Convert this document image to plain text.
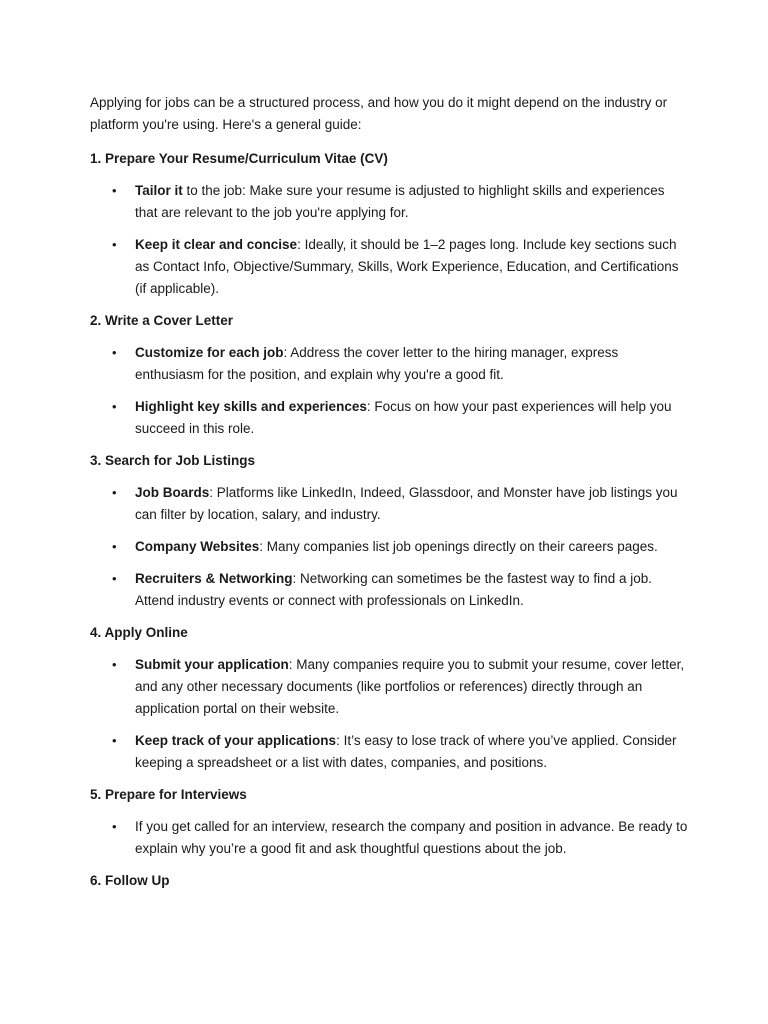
Applying for jobs can be a structured process, and how you do it might depend on the industry or platform you're using. Here's a general guide:

1. Prepare Your Resume/Curriculum Vitae (CV)
• Tailor it to the job: Make sure your resume is adjusted to highlight skills and experiences that are relevant to the job you're applying for.
• Keep it clear and concise: Ideally, it should be 1–2 pages long. Include key sections such as Contact Info, Objective/Summary, Skills, Work Experience, Education, and Certifications (if applicable).
2. Write a Cover Letter
• Customize for each job: Address the cover letter to the hiring manager, express enthusiasm for the position, and explain why you're a good fit.
• Highlight key skills and experiences: Focus on how your past experiences will help you succeed in this role.
3. Search for Job Listings
• Job Boards: Platforms like LinkedIn, Indeed, Glassdoor, and Monster have job listings you can filter by location, salary, and industry.
• Company Websites: Many companies list job openings directly on their careers pages.
• Recruiters & Networking: Networking can sometimes be the fastest way to find a job. Attend industry events or connect with professionals on LinkedIn.
4. Apply Online
• Submit your application: Many companies require you to submit your resume, cover letter, and any other necessary documents (like portfolios or references) directly through an application portal on their website.
• Keep track of your applications: It’s easy to lose track of where you’ve applied. Consider keeping a spreadsheet or a list with dates, companies, and positions.
5. Prepare for Interviews
• If you get called for an interview, research the company and position in advance. Be ready to explain why you’re a good fit and ask thoughtful questions about the job.
6. Follow Up
